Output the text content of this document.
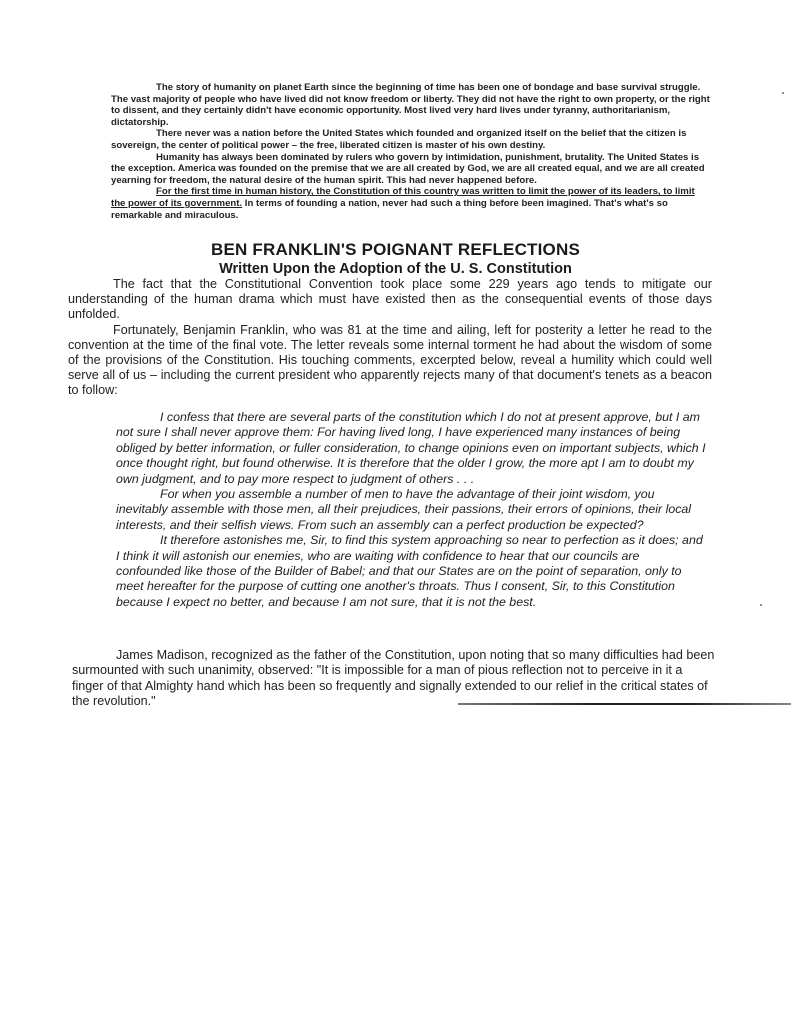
The story of humanity on planet Earth since the beginning of time has been one of bondage and base survival struggle. The vast majority of people who have lived did not know freedom or liberty. They did not have the right to own property, or the right to dissent, and they certainly didn't have economic opportunity. Most lived very hard lives under tyranny, authoritarianism, dictatorship.

There never was a nation before the United States which founded and organized itself on the belief that the citizen is sovereign, the center of political power – the free, liberated citizen is master of his own destiny.

Humanity has always been dominated by rulers who govern by intimidation, punishment, brutality. The United States is the exception. America was founded on the premise that we are all created by God, we are all created equal, and we are all created yearning for freedom, the natural desire of the human spirit. This had never happened before.

For the first time in human history, the Constitution of this country was written to limit the power of its leaders, to limit the power of its government. In terms of founding a nation, never had such a thing before been imagined. That's what's so remarkable and miraculous.

BEN FRANKLIN'S POIGNANT REFLECTIONS
Written Upon the Adoption of the U. S. Constitution

The fact that the Constitutional Convention took place some 229 years ago tends to mitigate our understanding of the human drama which must have existed then as the consequential events of those days unfolded.

Fortunately, Benjamin Franklin, who was 81 at the time and ailing, left for posterity a letter he read to the convention at the time of the final vote. The letter reveals some internal torment he had about the wisdom of some of the provisions of the Constitution. His touching comments, excerpted below, reveal a humility which could well serve all of us – including the current president who apparently rejects many of that document's tenets as a beacon to follow:

I confess that there are several parts of the constitution which I do not at present approve, but I am not sure I shall never approve them: For having lived long, I have experienced many instances of being obliged by better information, or fuller consideration, to change opinions even on important subjects, which I once thought right, but found otherwise. It is therefore that the older I grow, the more apt I am to doubt my own judgment, and to pay more respect to judgment of others . . .

For when you assemble a number of men to have the advantage of their joint wisdom, you inevitably assemble with those men, all their prejudices, their passions, their errors of opinions, their local interests, and their selfish views. From such an assembly can a perfect production be expected?

It therefore astonishes me, Sir, to find this system approaching so near to perfection as it does; and I think it will astonish our enemies, who are waiting with confidence to hear that our councils are confounded like those of the Builder of Babel; and that our States are on the point of separation, only to meet hereafter for the purpose of cutting one another's throats. Thus I consent, Sir, to this Constitution because I expect no better, and because I am not sure, that it is not the best.

James Madison, recognized as the father of the Constitution, upon noting that so many difficulties had been surmounted with such unanimity, observed: "It is impossible for a man of pious reflection not to perceive in it a finger of that Almighty hand which has been so frequently and signally extended to our relief in the critical states of the revolution."
